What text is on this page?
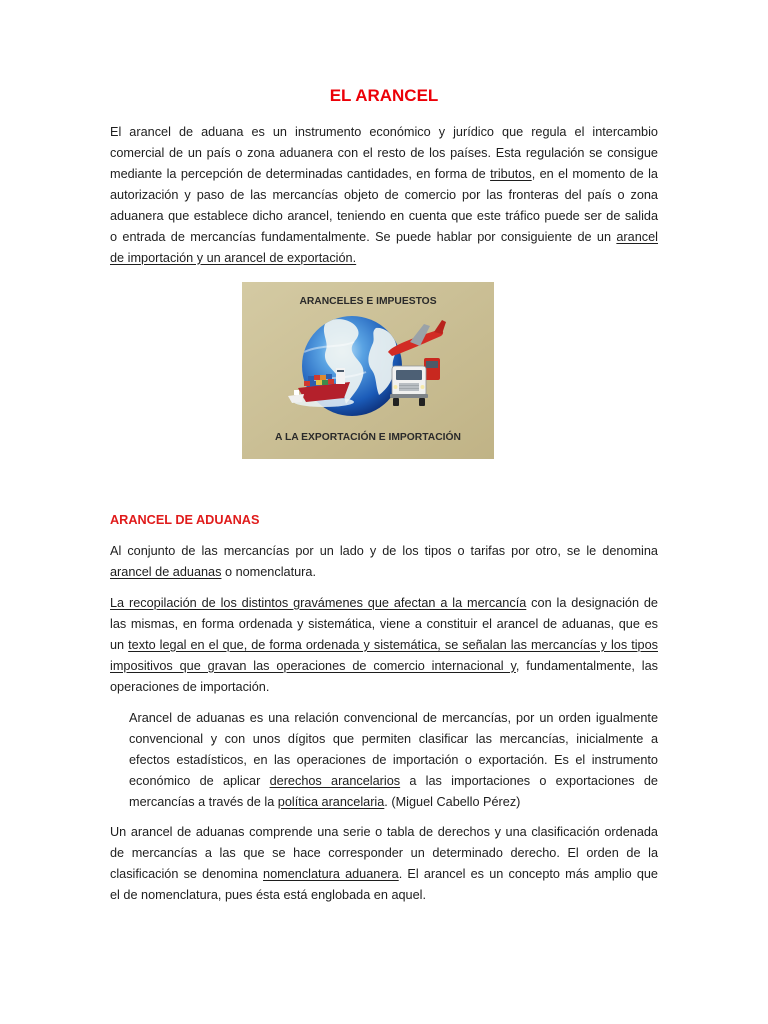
EL ARANCEL
El arancel de aduana es un instrumento económico y jurídico que regula el intercambio
comercial de un país o zona aduanera con el resto de los países. Esta regulación se consigue
mediante la percepción de determinadas cantidades, en forma de tributos, en el momento de la
autorización y paso de las mercancías objeto de comercio por las fronteras del país o zona
aduanera que establece dicho arancel, teniendo en cuenta que este tráfico puede ser de salida
o entrada de mercancías fundamentalmente. Se puede hablar por consiguiente de un arancel
de importación y un arancel de exportación.
ARANCELES E IMPUESTOS
A LA EXPORTACIÓN E IMPORTACIÓN
ARANCEL DE ADUANAS
Al conjunto de las mercancías por un lado y de los tipos o tarifas por otro, se le denomina
arancel de aduanas o nomenclatura.
La recopilación de los distintos gravámenes que afectan a la mercancía con la designación de
las mismas, en forma ordenada y sistemática, viene a constituir el arancel de aduanas, que es
un texto legal en el que, de forma ordenada y sistemática, se señalan las mercancías y los tipos
impositivos que gravan las operaciones de comercio internacional y, fundamentalmente, las
operaciones de importación.
Arancel de aduanas es una relación convencional de mercancías, por un orden igualmente
convencional y con unos dígitos que permiten clasificar las mercancías, inicialmente a
efectos estadísticos, en las operaciones de importación o exportación. Es el instrumento
económico de aplicar derechos arancelarios a las importaciones o exportaciones de
mercancías a través de la política arancelaria. (Miguel Cabello Pérez)
Un arancel de aduanas comprende una serie o tabla de derechos y una clasificación ordenada
de mercancías a las que se hace corresponder un determinado derecho. El orden de la
clasificación se denomina nomenclatura aduanera. El arancel es un concepto más amplio que
el de nomenclatura, pues ésta está englobada en aquel.
